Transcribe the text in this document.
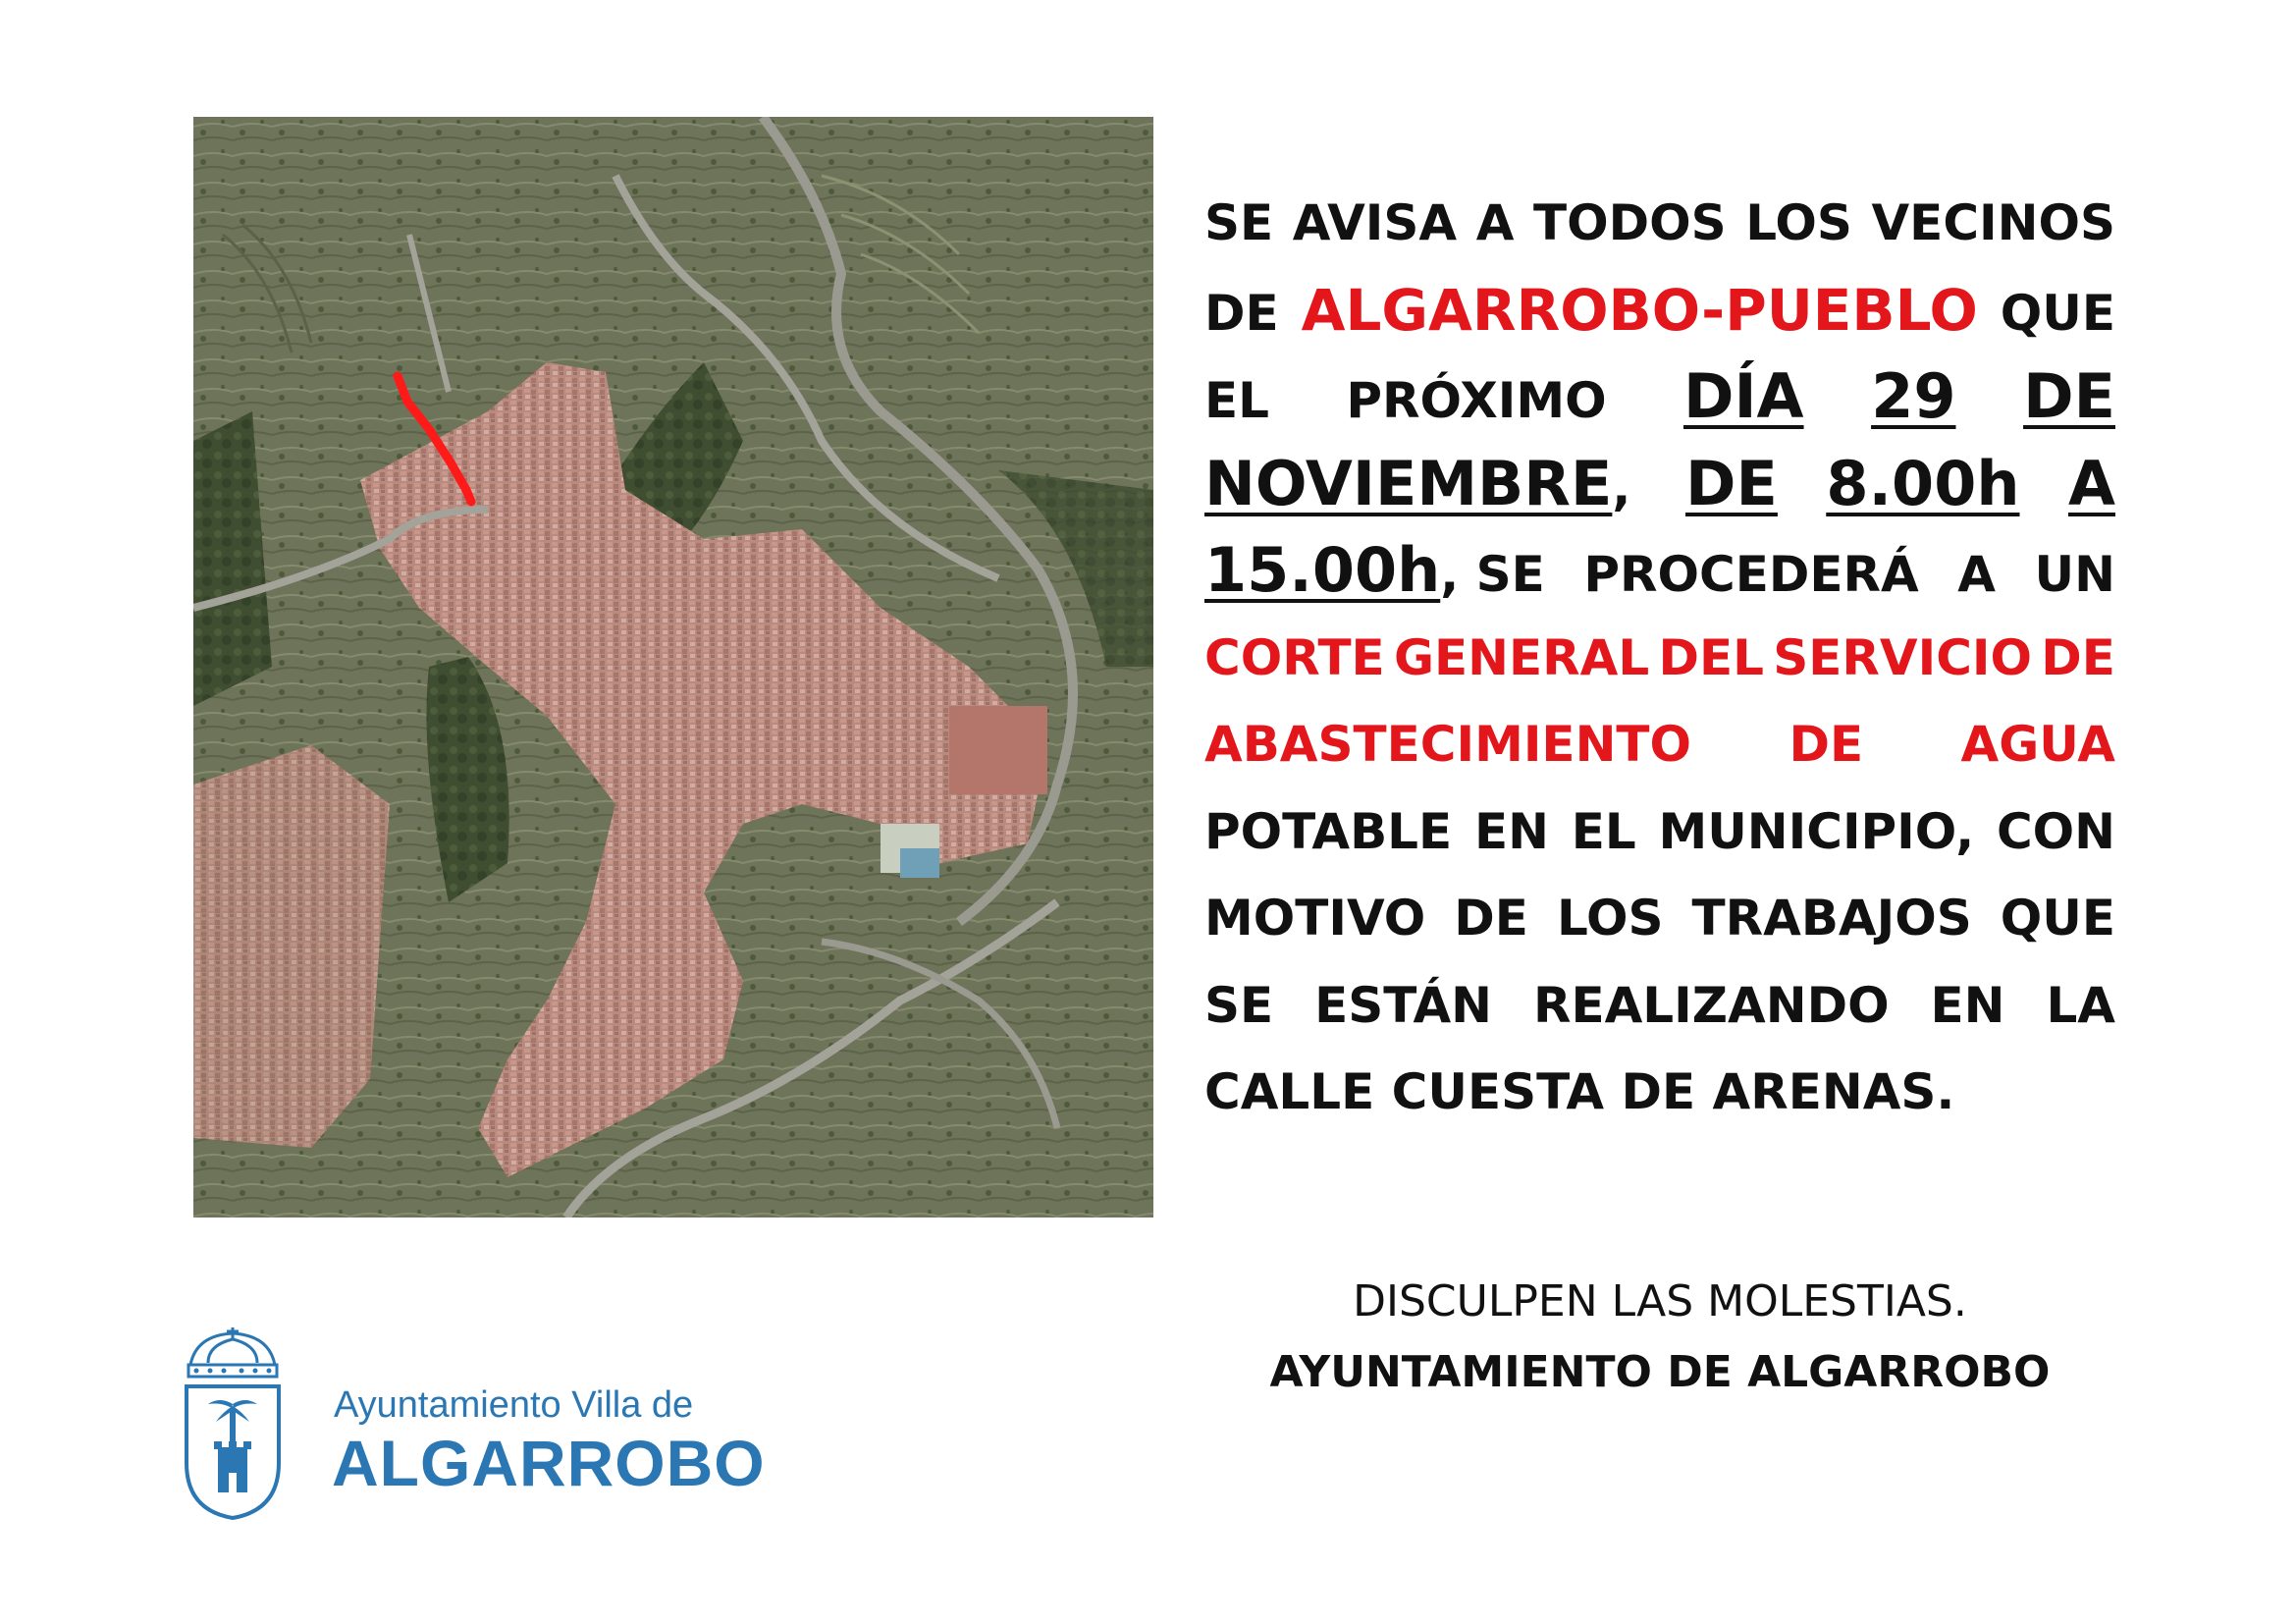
SE AVISA A TODOS LOS VECINOS
DE ALGARROBO-PUEBLO QUE
EL PRÓXIMO DÍA 29 DE
NOVIEMBRE, DE 8.00h A
15.00h, SE PROCEDERÁ A UN
CORTE GENERAL DEL SERVICIO DE
ABASTECIMIENTO DE AGUA
POTABLE EN EL MUNICIPIO, CON
MOTIVO DE LOS TRABAJOS QUE
SE ESTÁN REALIZANDO EN LA
CALLE CUESTA DE ARENAS.
DISCULPEN LAS MOLESTIAS.
AYUNTAMIENTO DE ALGARROBO
Ayuntamiento Villa de
ALGARROBO
